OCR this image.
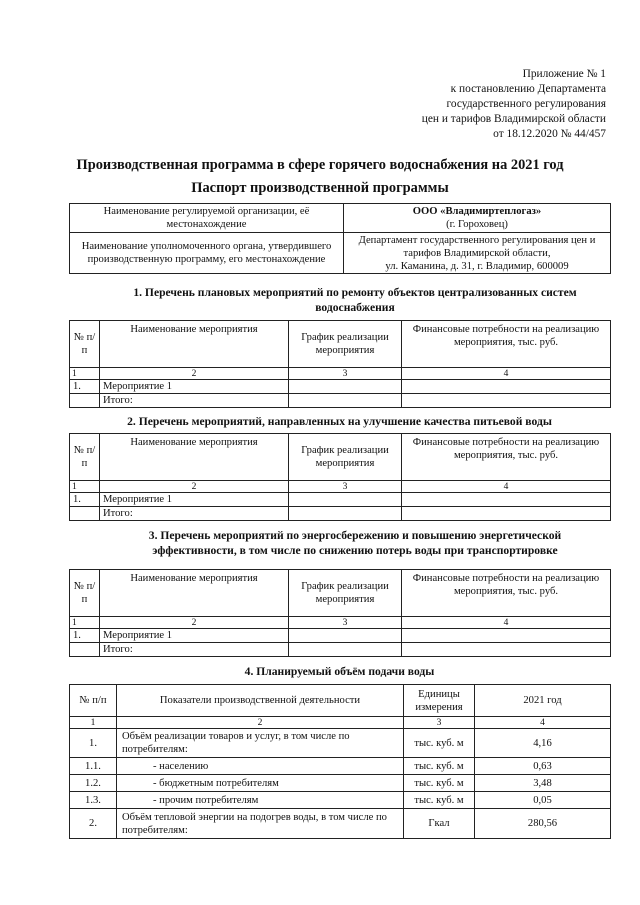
Приложение № 1
к постановлению Департамента
государственного регулирования
цен и тарифов Владимирской области
от 18.12.2020 № 44/457
Производственная программа в сфере горячего водоснабжения на 2021 год
Паспорт производственной программы
Наименование регулируемой организации, её местонахождение	ООО «Владимиртеплогаз»
(г. Гороховец)

Наименование уполномоченного органа, утвердившего производственную программу, его местонахождение	Департамент государственного регулирования цен и тарифов Владимирской области,
ул. Каманина, д. 31, г. Владимир, 600009
1. Перечень плановых мероприятий по ремонту объектов централизованных систем водоснабжения
№ п/п	Наименование мероприятия	График реализации мероприятия	Финансовые потребности на реализацию мероприятия, тыс. руб.
1	2	3	4
1.	Мероприятие 1		
	Итого:		
2. Перечень мероприятий, направленных на улучшение качества питьевой воды
№ п/п	Наименование мероприятия	График реализации мероприятия	Финансовые потребности на реализацию мероприятия, тыс. руб.
1	2	3	4
1.	Мероприятие 1		
	Итого:		
3. Перечень мероприятий по энергосбережению и повышению энергетической
эффективности, в том числе по снижению потерь воды при транспортировке
№ п/п	Наименование мероприятия	График реализации мероприятия	Финансовые потребности на реализацию мероприятия, тыс. руб.
1	2	3	4
1.	Мероприятие 1		
	Итого:		
4. Планируемый объём подачи воды
№ п/п	Показатели производственной деятельности	Единицы измерения	2021 год
1	2	3	4
1.	Объём реализации товаров и услуг, в том числе по потребителям:	тыс. куб. м	4,16
1.1.	- населению	тыс. куб. м	0,63
1.2.	- бюджетным потребителям	тыс. куб. м	3,48
1.3.	- прочим потребителям	тыс. куб. м	0,05
2.	Объём тепловой энергии на подогрев воды, в том числе по потребителям:	Гкал	280,56
